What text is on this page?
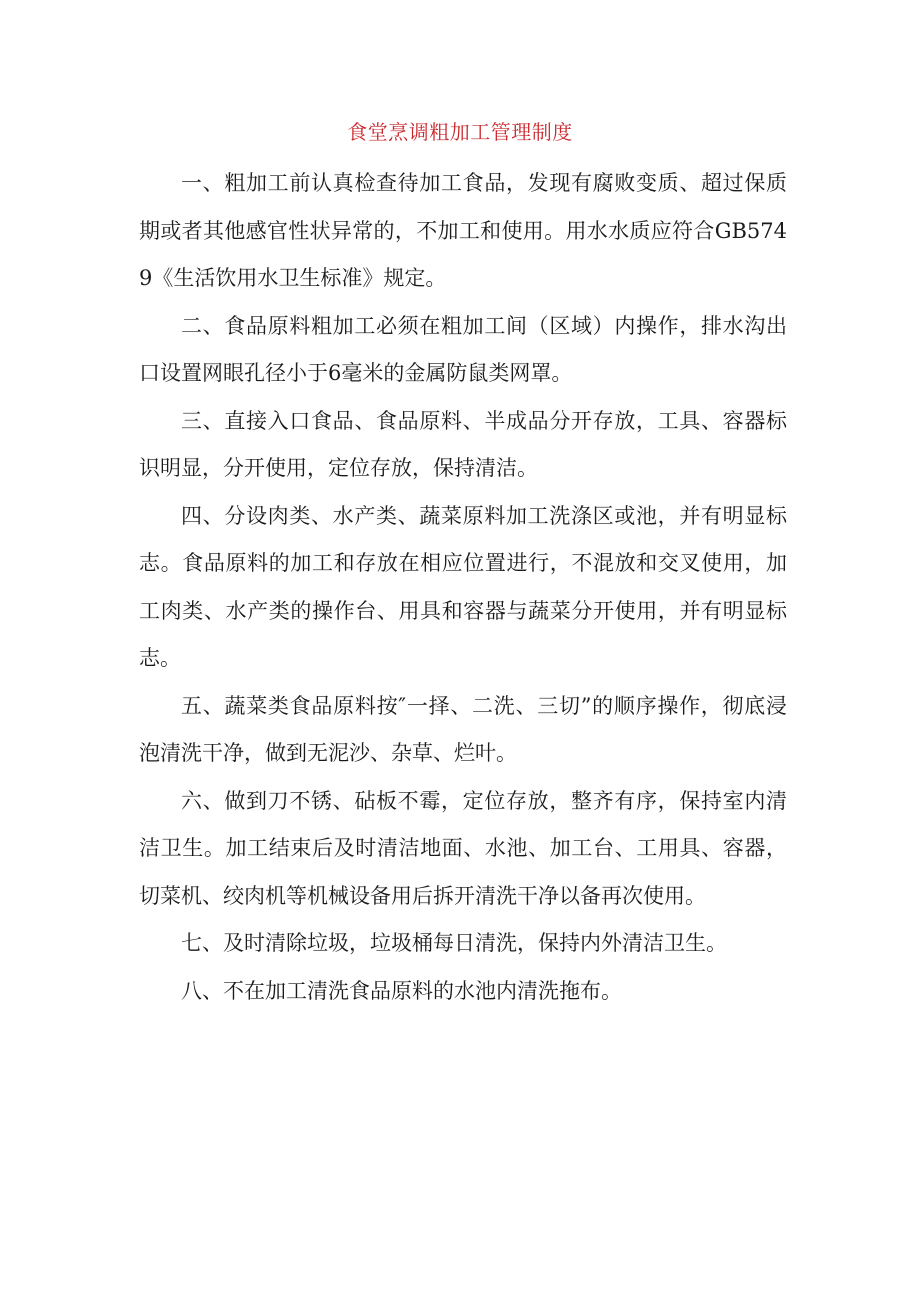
食堂烹调粗加工管理制度

一、粗加工前认真检查待加工食品，发现有腐败变质、超过保质期或者其他感官性状异常的，不加工和使用。用水水质应符合GB5749《生活饮用水卫生标准》规定。

二、食品原料粗加工必须在粗加工间（区域）内操作，排水沟出口设置网眼孔径小于6毫米的金属防鼠类网罩。

三、直接入口食品、食品原料、半成品分开存放，工具、容器标识明显，分开使用，定位存放，保持清洁。

四、分设肉类、水产类、蔬菜原料加工洗涤区或池，并有明显标志。食品原料的加工和存放在相应位置进行，不混放和交叉使用，加工肉类、水产类的操作台、用具和容器与蔬菜分开使用，并有明显标志。

五、蔬菜类食品原料按″一择、二洗、三切”的顺序操作，彻底浸泡清洗干净，做到无泥沙、杂草、烂叶。

六、做到刀不锈、砧板不霉，定位存放，整齐有序，保持室内清洁卫生。加工结束后及时清洁地面、水池、加工台、工用具、容器，切菜机、绞肉机等机械设备用后拆开清洗干净以备再次使用。

七、及时清除垃圾，垃圾桶每日清洗，保持内外清洁卫生。

八、不在加工清洗食品原料的水池内清洗拖布。
